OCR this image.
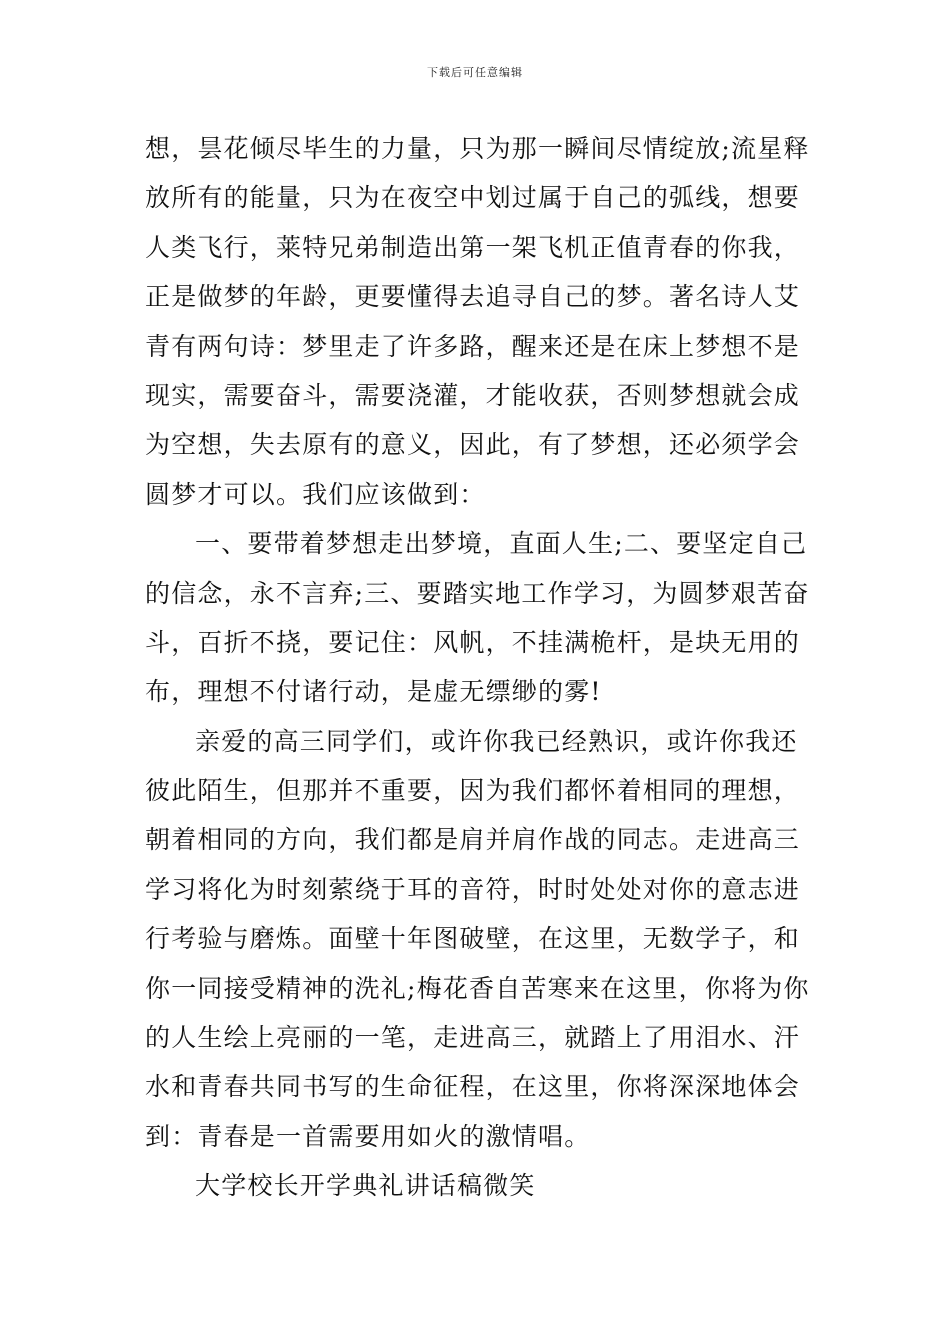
下载后可任意编辑
想，昙花倾尽毕生的力量，只为那一瞬间尽情绽放;流星释
放所有的能量，只为在夜空中划过属于自己的弧线，想要
人类飞行，莱特兄弟制造出第一架飞机正值青春的你我，
正是做梦的年龄，更要懂得去追寻自己的梦。著名诗人艾
青有两句诗：梦里走了许多路，醒来还是在床上梦想不是
现实，需要奋斗，需要浇灌，才能收获，否则梦想就会成
为空想，失去原有的意义，因此，有了梦想，还必须学会
圆梦才可以。我们应该做到：
一、要带着梦想走出梦境，直面人生;二、要坚定自己
的信念，永不言弃;三、要踏实地工作学习，为圆梦艰苦奋
斗，百折不挠，要记住：风帆，不挂满桅杆，是块无用的
布，理想不付诸行动，是虚无缥缈的雾!
亲爱的高三同学们，或许你我已经熟识，或许你我还
彼此陌生，但那并不重要，因为我们都怀着相同的理想，
朝着相同的方向，我们都是肩并肩作战的同志。走进高三
学习将化为时刻萦绕于耳的音符，时时处处对你的意志进
行考验与磨炼。面壁十年图破壁，在这里，无数学子，和
你一同接受精神的洗礼;梅花香自苦寒来在这里，你将为你
的人生绘上亮丽的一笔，走进高三，就踏上了用泪水、汗
水和青春共同书写的生命征程，在这里，你将深深地体会
到：青春是一首需要用如火的激情唱。
大学校长开学典礼讲话稿微笑
